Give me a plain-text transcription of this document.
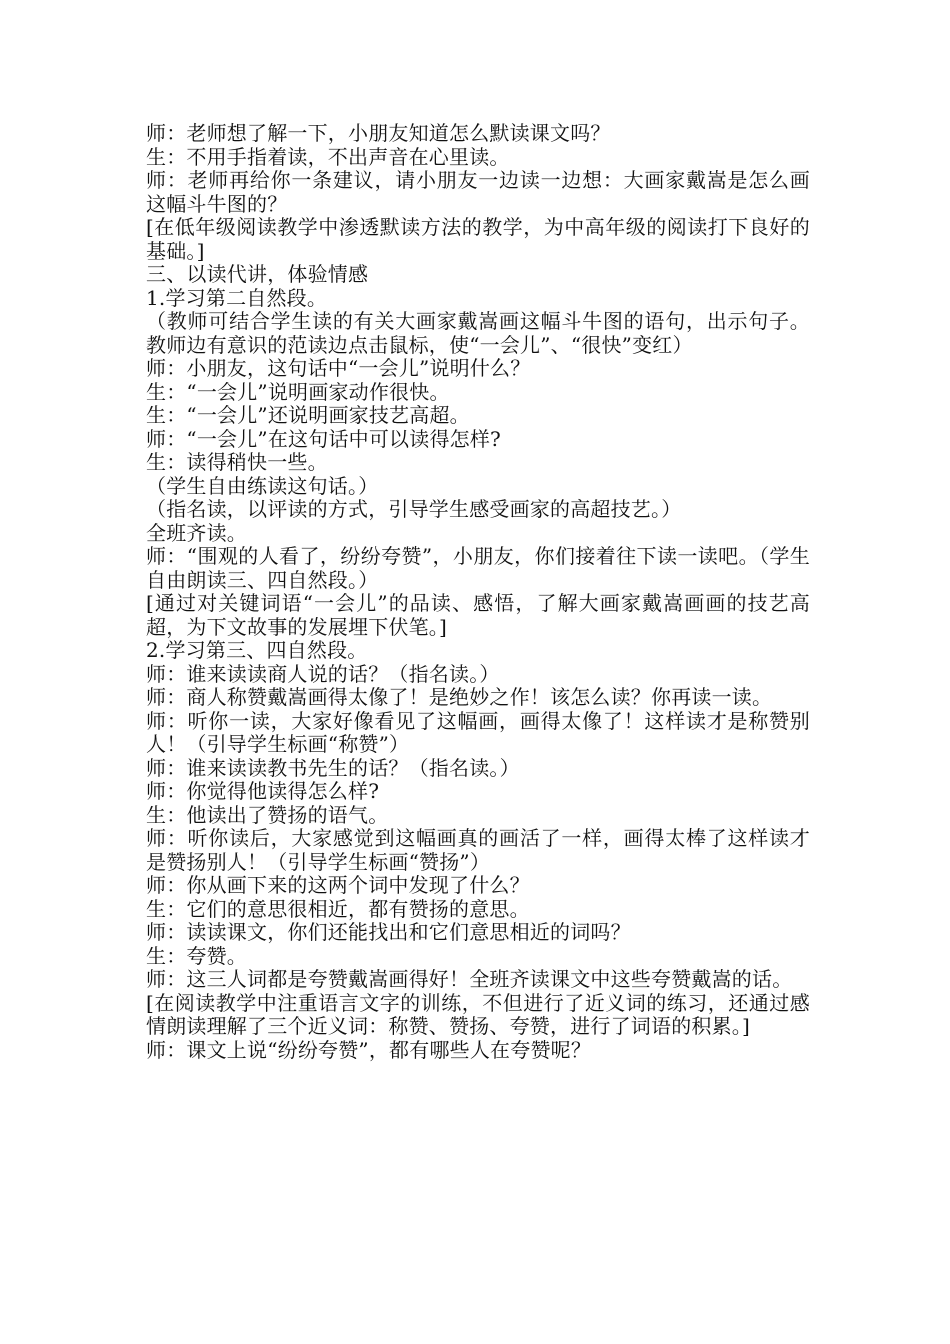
师：老师想了解一下，小朋友知道怎么默读课文吗？
生：不用手指着读，不出声音在心里读。
师：老师再给你一条建议，请小朋友一边读一边想：大画家戴嵩是怎么画这幅斗牛图的？
[在低年级阅读教学中渗透默读方法的教学，为中高年级的阅读打下良好的基础。]
三、以读代讲，体验情感
1.学习第二自然段。
（教师可结合学生读的有关大画家戴嵩画这幅斗牛图的语句，出示句子。教师边有意识的范读边点击鼠标，使“一会儿”、“很快”变红）
师：小朋友，这句话中“一会儿”说明什么？
生：“一会儿”说明画家动作很快。
生：“一会儿”还说明画家技艺高超。
师：“一会儿”在这句话中可以读得怎样?
生：读得稍快一些。
（学生自由练读这句话。）
（指名读，以评读的方式，引导学生感受画家的高超技艺。）
全班齐读。
师：“围观的人看了，纷纷夸赞”，小朋友，你们接着往下读一读吧。（学生自由朗读三、四自然段。）
[通过对关键词语“一会儿”的品读、感悟，了解大画家戴嵩画画的技艺高超，为下文故事的发展埋下伏笔。]
2.学习第三、四自然段。
师：谁来读读商人说的话？（指名读。）
师：商人称赞戴嵩画得太像了！是绝妙之作！该怎么读？你再读一读。
师：听你一读，大家好像看见了这幅画，画得太像了！这样读才是称赞别人！（引导学生标画“称赞”）
师：谁来读读教书先生的话？（指名读。）
师：你觉得他读得怎么样?
生：他读出了赞扬的语气。
师：听你读后，大家感觉到这幅画真的画活了一样，画得太棒了这样读才是赞扬别人！（引导学生标画“赞扬”）
师：你从画下来的这两个词中发现了什么？
生：它们的意思很相近，都有赞扬的意思。
师：读读课文，你们还能找出和它们意思相近的词吗？
生：夸赞。
师：这三人词都是夸赞戴嵩画得好！全班齐读课文中这些夸赞戴嵩的话。
[在阅读教学中注重语言文字的训练，不但进行了近义词的练习，还通过感情朗读理解了三个近义词：称赞、赞扬、夸赞，进行了词语的积累。]
师：课文上说“纷纷夸赞”，都有哪些人在夸赞呢？
